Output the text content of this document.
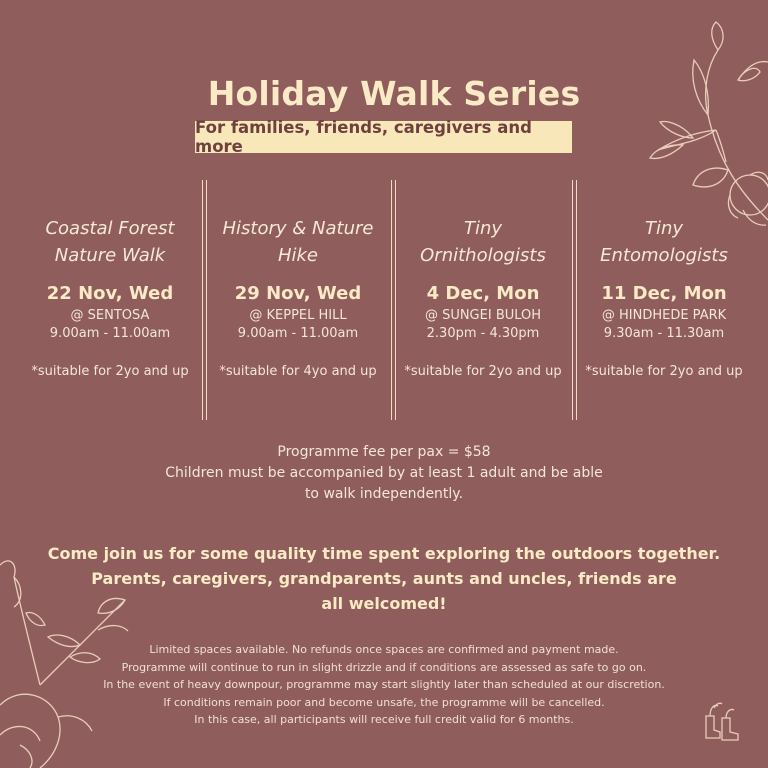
Holiday Walk Series
For families, friends, caregivers and more
Coastal Forest
Nature Walk
22 Nov, Wed
@ SENTOSA
9.00am - 11.00am
*suitable for 2yo and up
History & Nature
Hike
29 Nov, Wed
@ KEPPEL HILL
9.00am - 11.00am
*suitable for 4yo and up
Tiny
Ornithologists
4 Dec, Mon
@ SUNGEI BULOH
2.30pm - 4.30pm
*suitable for 2yo and up
Tiny
Entomologists
11 Dec, Mon
@ HINDHEDE PARK
9.30am - 11.30am
*suitable for 2yo and up
Programme fee per pax = $58
Children must be accompanied by at least 1 adult and be able to walk independently.
Come join us for some quality time spent exploring the outdoors together.
Parents, caregivers, grandparents, aunts and uncles, friends are all welcomed!
Limited spaces available. No refunds once spaces are confirmed and payment made.
Programme will continue to run in slight drizzle and if conditions are assessed as safe to go on.
In the event of heavy downpour, programme may start slightly later than scheduled at our discretion.
If conditions remain poor and become unsafe, the programme will be cancelled.
In this case, all participants will receive full credit valid for 6 months.
